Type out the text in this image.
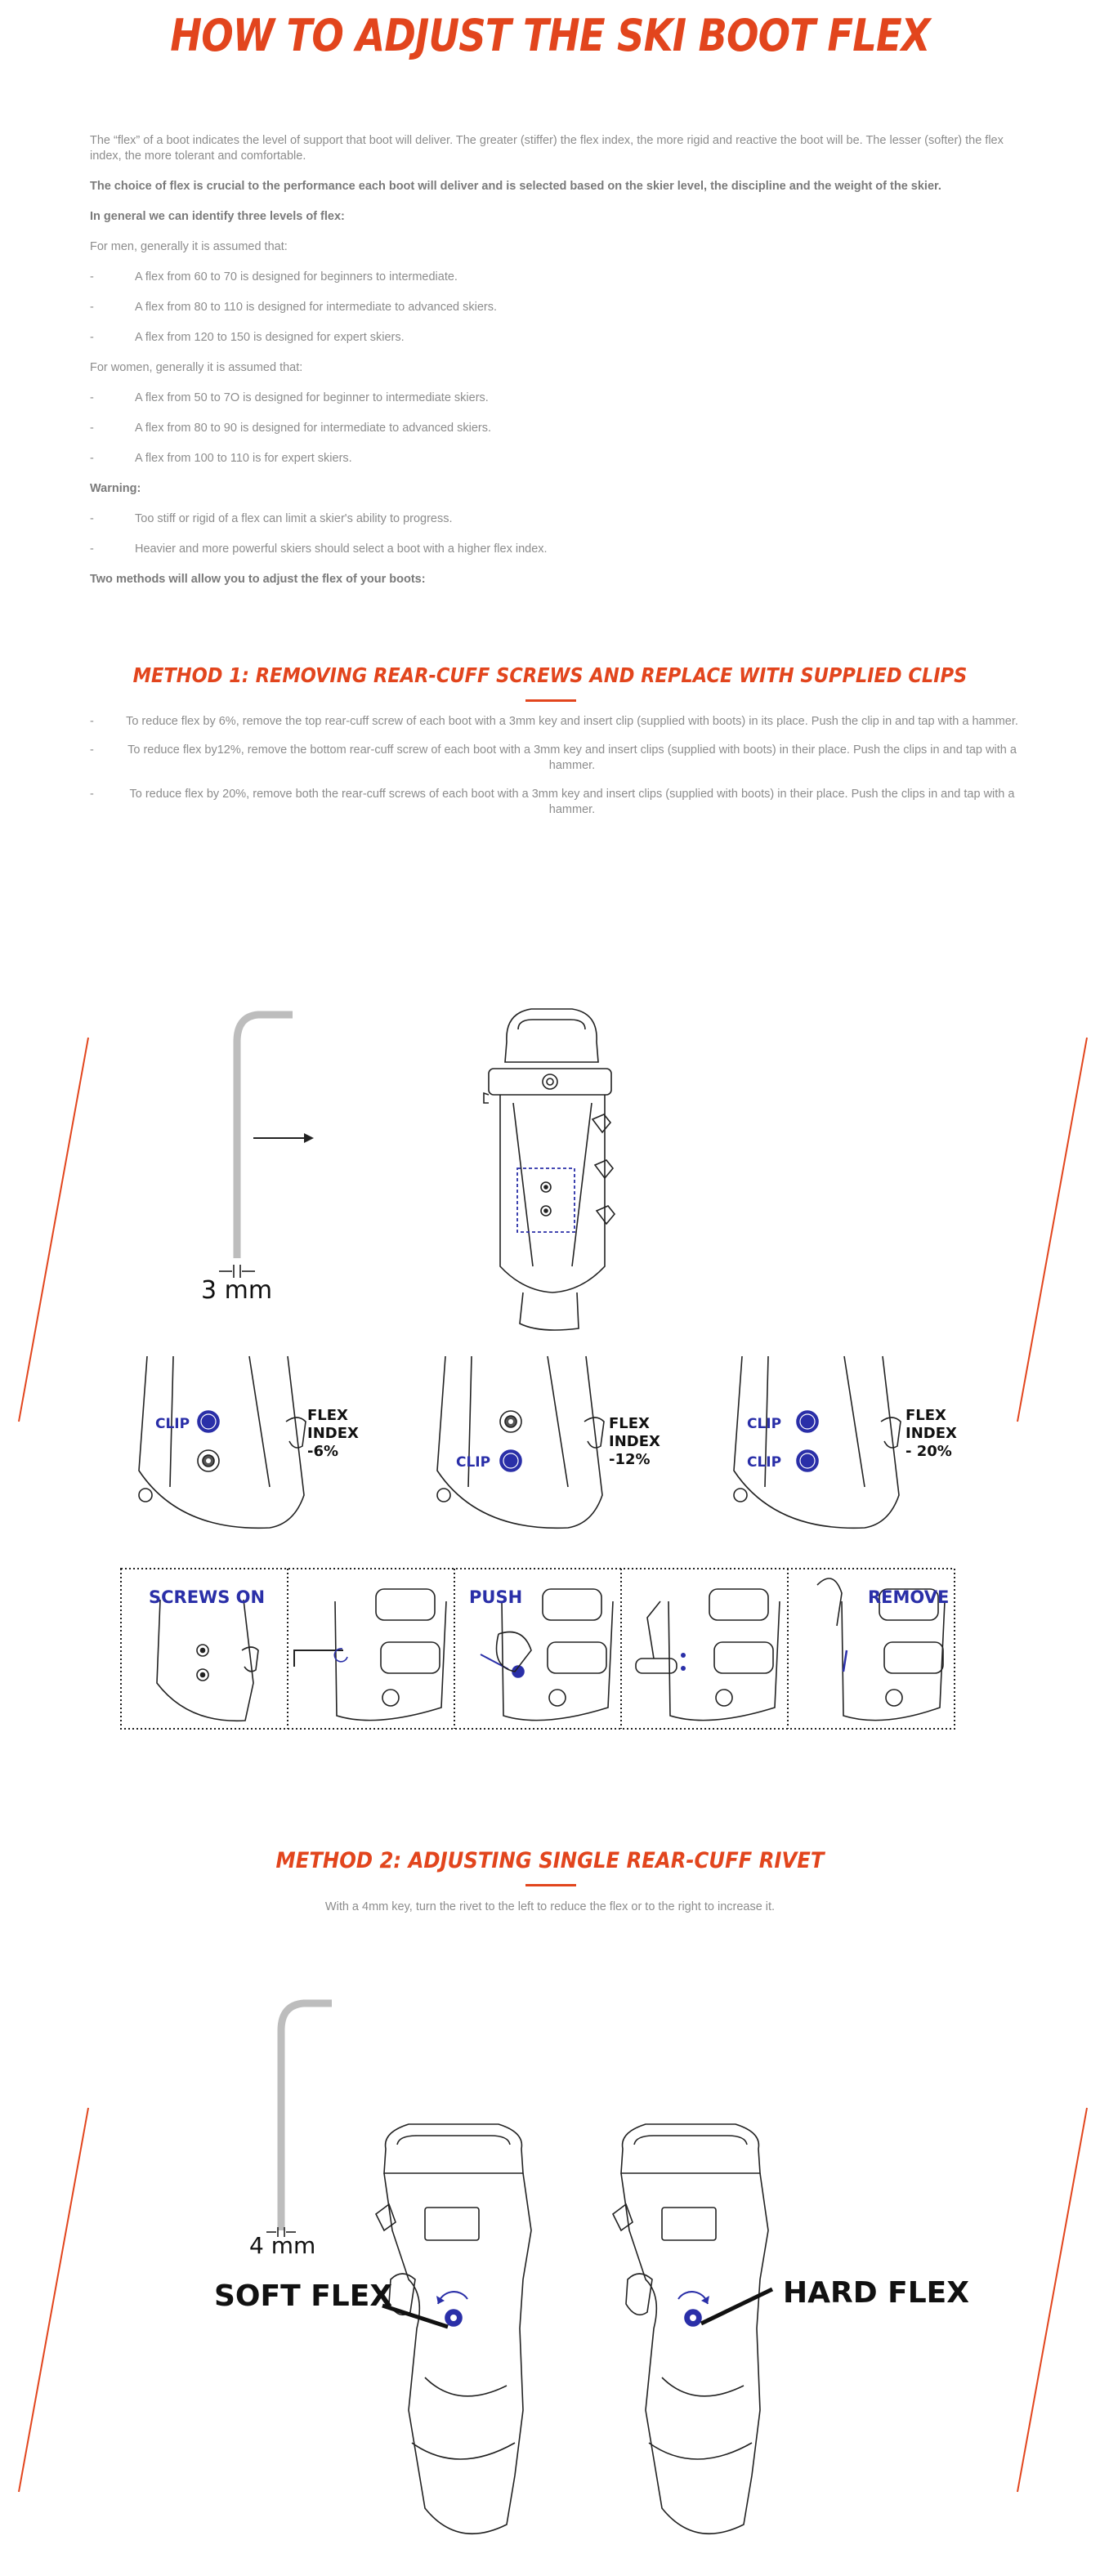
HOW TO ADJUST THE SKI BOOT FLEX

The “flex” of a boot indicates the level of support that boot will deliver. The greater (stiffer) the flex index, the more rigid and reactive the boot will be. The lesser (softer) the flex index, the more tolerant and comfortable.

The choice of flex is crucial to the performance each boot will deliver and is selected based on the skier level, the discipline and the weight of the skier.

In general we can identify three levels of flex:

For men, generally it is assumed that:

-	A flex from 60 to 70 is designed for beginners to intermediate.
-	A flex from 80 to 110 is designed for intermediate to advanced skiers.
-	A flex from 120 to 150 is designed for expert skiers.

For women, generally it is assumed that:

-	A flex from 50 to 7O is designed for beginner to intermediate skiers.
-	A flex from 80 to 90 is designed for intermediate to advanced skiers.
-	A flex from 100 to 110 is for expert skiers.

Warning:

-	Too stiff or rigid of a flex can limit a skier's ability to progress.
-	Heavier and more powerful skiers should select a boot with a higher flex index.

Two methods will allow you to adjust the flex of your boots:

METHOD 1: REMOVING REAR-CUFF SCREWS AND REPLACE WITH SUPPLIED CLIPS
-	To reduce flex by 6%, remove the top rear-cuff screw of each boot with a 3mm key and insert clip (supplied with boots) in its place. Push the clip in and tap with a hammer.
-	To reduce flex by12%, remove the bottom rear-cuff screw of each boot with a 3mm key and insert clips (supplied with boots) in their place. Push the clips in and tap with a hammer.
-	To reduce flex by 20%, remove both the rear-cuff screws of each boot with a 3mm key and insert clips (supplied with boots) in their place. Push the clips in and tap with a hammer.
3 mm
CLIP	FLEX
INDEX
-6%
CLIP
FLEX
INDEX
-12%
CLIP
CLIP
FLEX
INDEX
- 20%
SCREWS ON	PUSH	REMOVE
METHOD 2: ADJUSTING SINGLE REAR-CUFF RIVET
With a 4mm key, turn the rivet to the left to reduce the flex or to the right to increase it.
4 mm
SOFT FLEX	HARD FLEX
